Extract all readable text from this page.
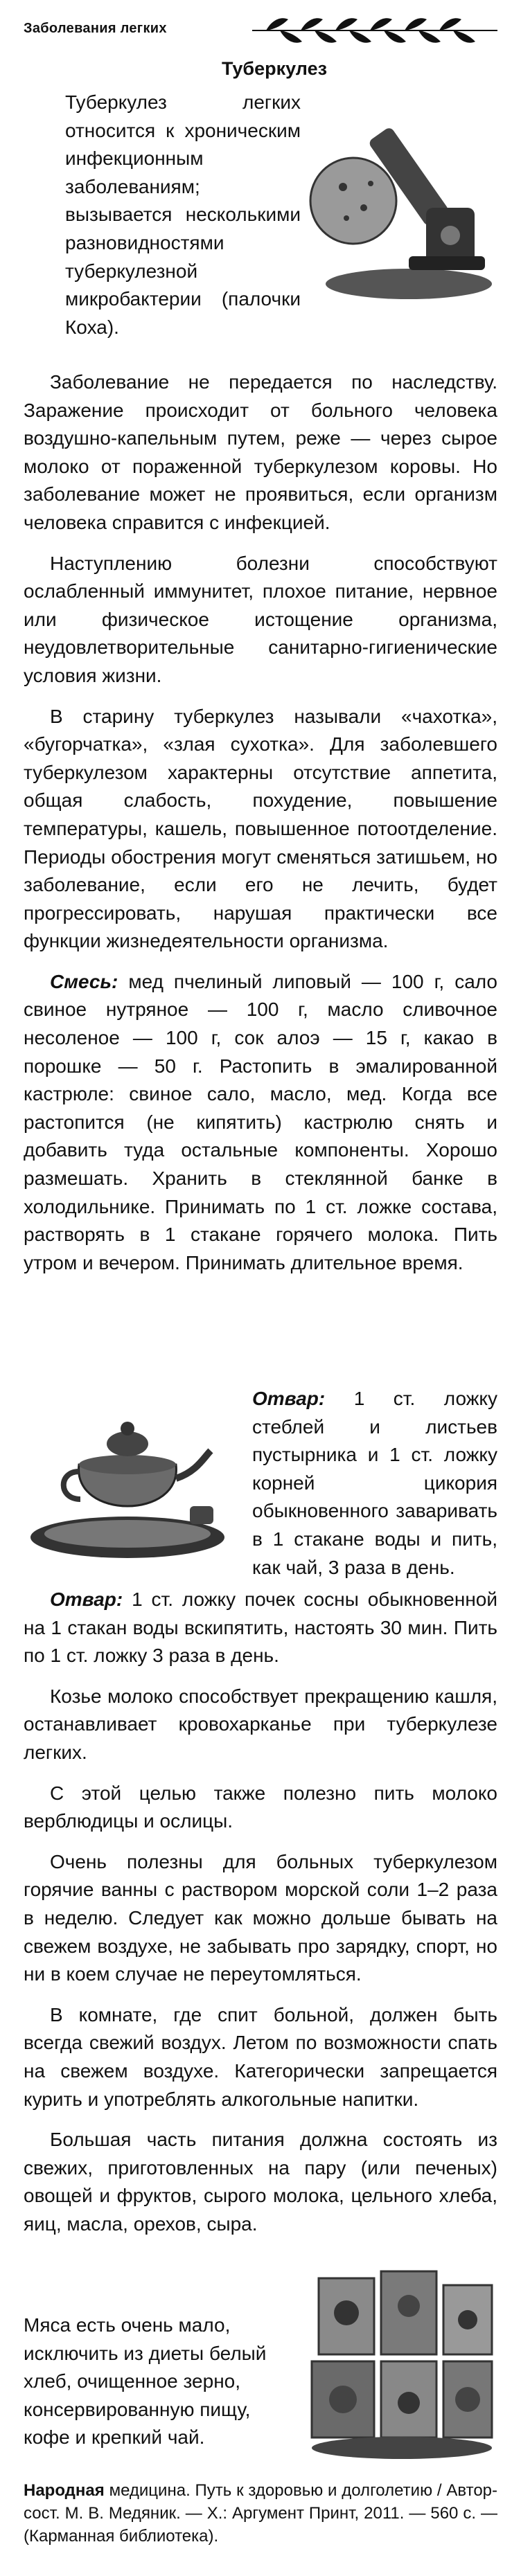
Заболевания легких
Туберкулез

Туберкулез легких относится к хроническим инфекционным заболеваниям; вызывается несколькими разновидностями туберкулезной микробактерии (палочки Коха).

Заболевание не передается по наследству. Заражение происходит от больного человека воздушно-капельным путем, реже — через сырое молоко от пораженной туберкулезом коровы. Но заболевание может не проявиться, если организм человека справится с инфекцией.

Наступлению болезни способствуют ослабленный иммунитет, плохое питание, нервное или физическое истощение организма, неудовлетворительные санитарно-гигиенические условия жизни.

В старину туберкулез называли «чахотка», «бугорчатка», «злая сухотка». Для заболевшего туберкулезом характерны отсутствие аппетита, общая слабость, похудение, повышение температуры, кашель, повышенное потоотделение. Периоды обострения могут сменяться затишьем, но заболевание, если его не лечить, будет прогрессировать, нарушая практически все функции жизнедеятельности организма.

Смесь: мед пчелиный липовый — 100 г, сало свиное нутряное — 100 г, масло сливочное несоленое — 100 г, сок алоэ — 15 г, какао в порошке — 50 г. Растопить в эмалированной кастрюле: свиное сало, масло, мед. Когда все растопится (не кипятить) кастрюлю снять и добавить туда остальные компоненты. Хорошо размешать. Хранить в стеклянной банке в холодильнике. Принимать по 1 ст. ложке состава, растворять в 1 стакане горячего молока. Пить утром и вечером. Принимать длительное время.

Отвар: 1 ст. ложку стеблей и листьев пустырника и 1 ст. ложку корней цикория обыкновенного заваривать в 1 стакане воды и пить, как чай, 3 раза в день.

Отвар: 1 ст. ложку почек сосны обыкновенной на 1 стакан воды вскипятить, настоять 30 мин. Пить по 1 ст. ложку 3 раза в день.

Козье молоко способствует прекращению кашля, останавливает кровохарканье при туберкулезе легких.

С этой целью также полезно пить молоко верблюдицы и ослицы.

Очень полезны для больных туберкулезом горячие ванны с раствором морской соли 1–2 раза в неделю. Следует как можно дольше бывать на свежем воздухе, не забывать про зарядку, спорт, но ни в коем случае не переутомляться.

В комнате, где спит больной, должен быть всегда свежий воздух. Летом по возможности спать на свежем воздухе. Категорически запрещается курить и употреблять алкогольные напитки.

Большая часть питания должна состоять из свежих, приготовленных на пару (или печеных) овощей и фруктов, сырого молока, цельного хлеба, яиц, масла, орехов, сыра.

Мяса есть очень мало, исключить из диеты белый хлеб, очищенное зерно, консервированную пищу, кофе и крепкий чай.

Народная медицина. Путь к здоровью и долголетию / Автор-сост. М. В. Медяник. — Х.: Аргумент Принт, 2011. — 560 с. — (Карманная библиотека).
